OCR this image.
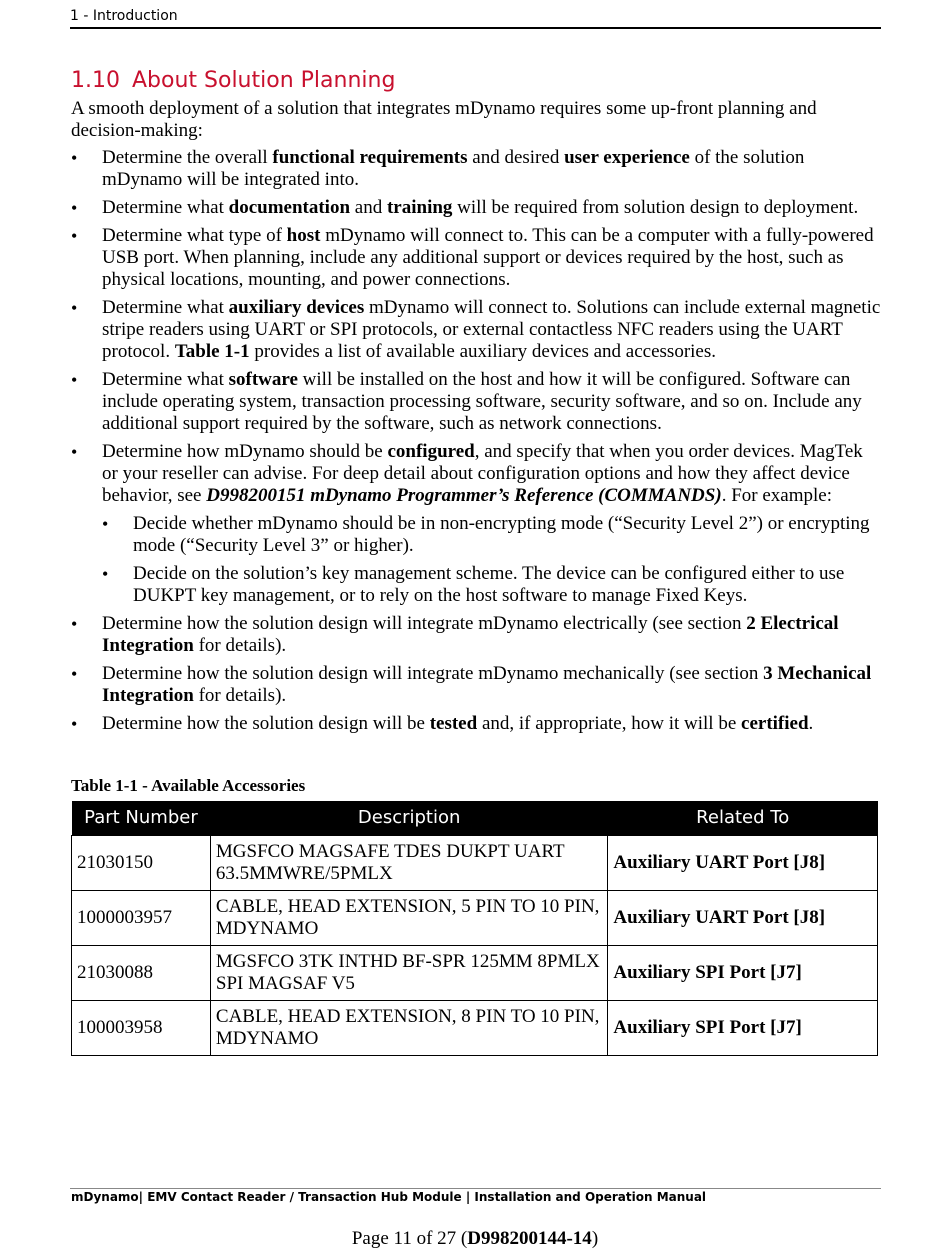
1 - Introduction
1.10 About Solution Planning

A smooth deployment of a solution that integrates mDynamo requires some up-front planning and decision-making:

• Determine the overall functional requirements and desired user experience of the solution mDynamo will be integrated into.
• Determine what documentation and training will be required from solution design to deployment.
• Determine what type of host mDynamo will connect to. This can be a computer with a fully-powered USB port. When planning, include any additional support or devices required by the host, such as physical locations, mounting, and power connections.
• Determine what auxiliary devices mDynamo will connect to. Solutions can include external magnetic stripe readers using UART or SPI protocols, or external contactless NFC readers using the UART protocol. Table 1-1 provides a list of available auxiliary devices and accessories.
• Determine what software will be installed on the host and how it will be configured. Software can include operating system, transaction processing software, security software, and so on. Include any additional support required by the software, such as network connections.
• Determine how mDynamo should be configured, and specify that when you order devices. MagTek or your reseller can advise. For deep detail about configuration options and how they affect device behavior, see D998200151 mDynamo Programmer’s Reference (COMMANDS). For example:
• Decide whether mDynamo should be in non-encrypting mode (“Security Level 2”) or encrypting mode (“Security Level 3” or higher).
• Decide on the solution’s key management scheme. The device can be configured either to use DUKPT key management, or to rely on the host software to manage Fixed Keys.
• Determine how the solution design will integrate mDynamo electrically (see section 2 Electrical Integration for details).
• Determine how the solution design will integrate mDynamo mechanically (see section 3 Mechanical Integration for details).
• Determine how the solution design will be tested and, if appropriate, how it will be certified.
Table 1-1 - Available Accessories
Part Number	Description	Related To
21030150	MGSFCO MAGSAFE TDES DUKPT UART 63.5MMWRE/5PMLX	Auxiliary UART Port [J8]
1000003957	CABLE, HEAD EXTENSION, 5 PIN TO 10 PIN, MDYNAMO	Auxiliary UART Port [J8]
21030088	MGSFCO 3TK INTHD BF-SPR 125MM 8PMLX SPI MAGSAF V5	Auxiliary SPI Port [J7]
100003958	CABLE, HEAD EXTENSION, 8 PIN TO 10 PIN, MDYNAMO	Auxiliary SPI Port [J7]
mDynamo| EMV Contact Reader / Transaction Hub Module | Installation and Operation Manual
Page 11 of 27 (D998200144-14)
